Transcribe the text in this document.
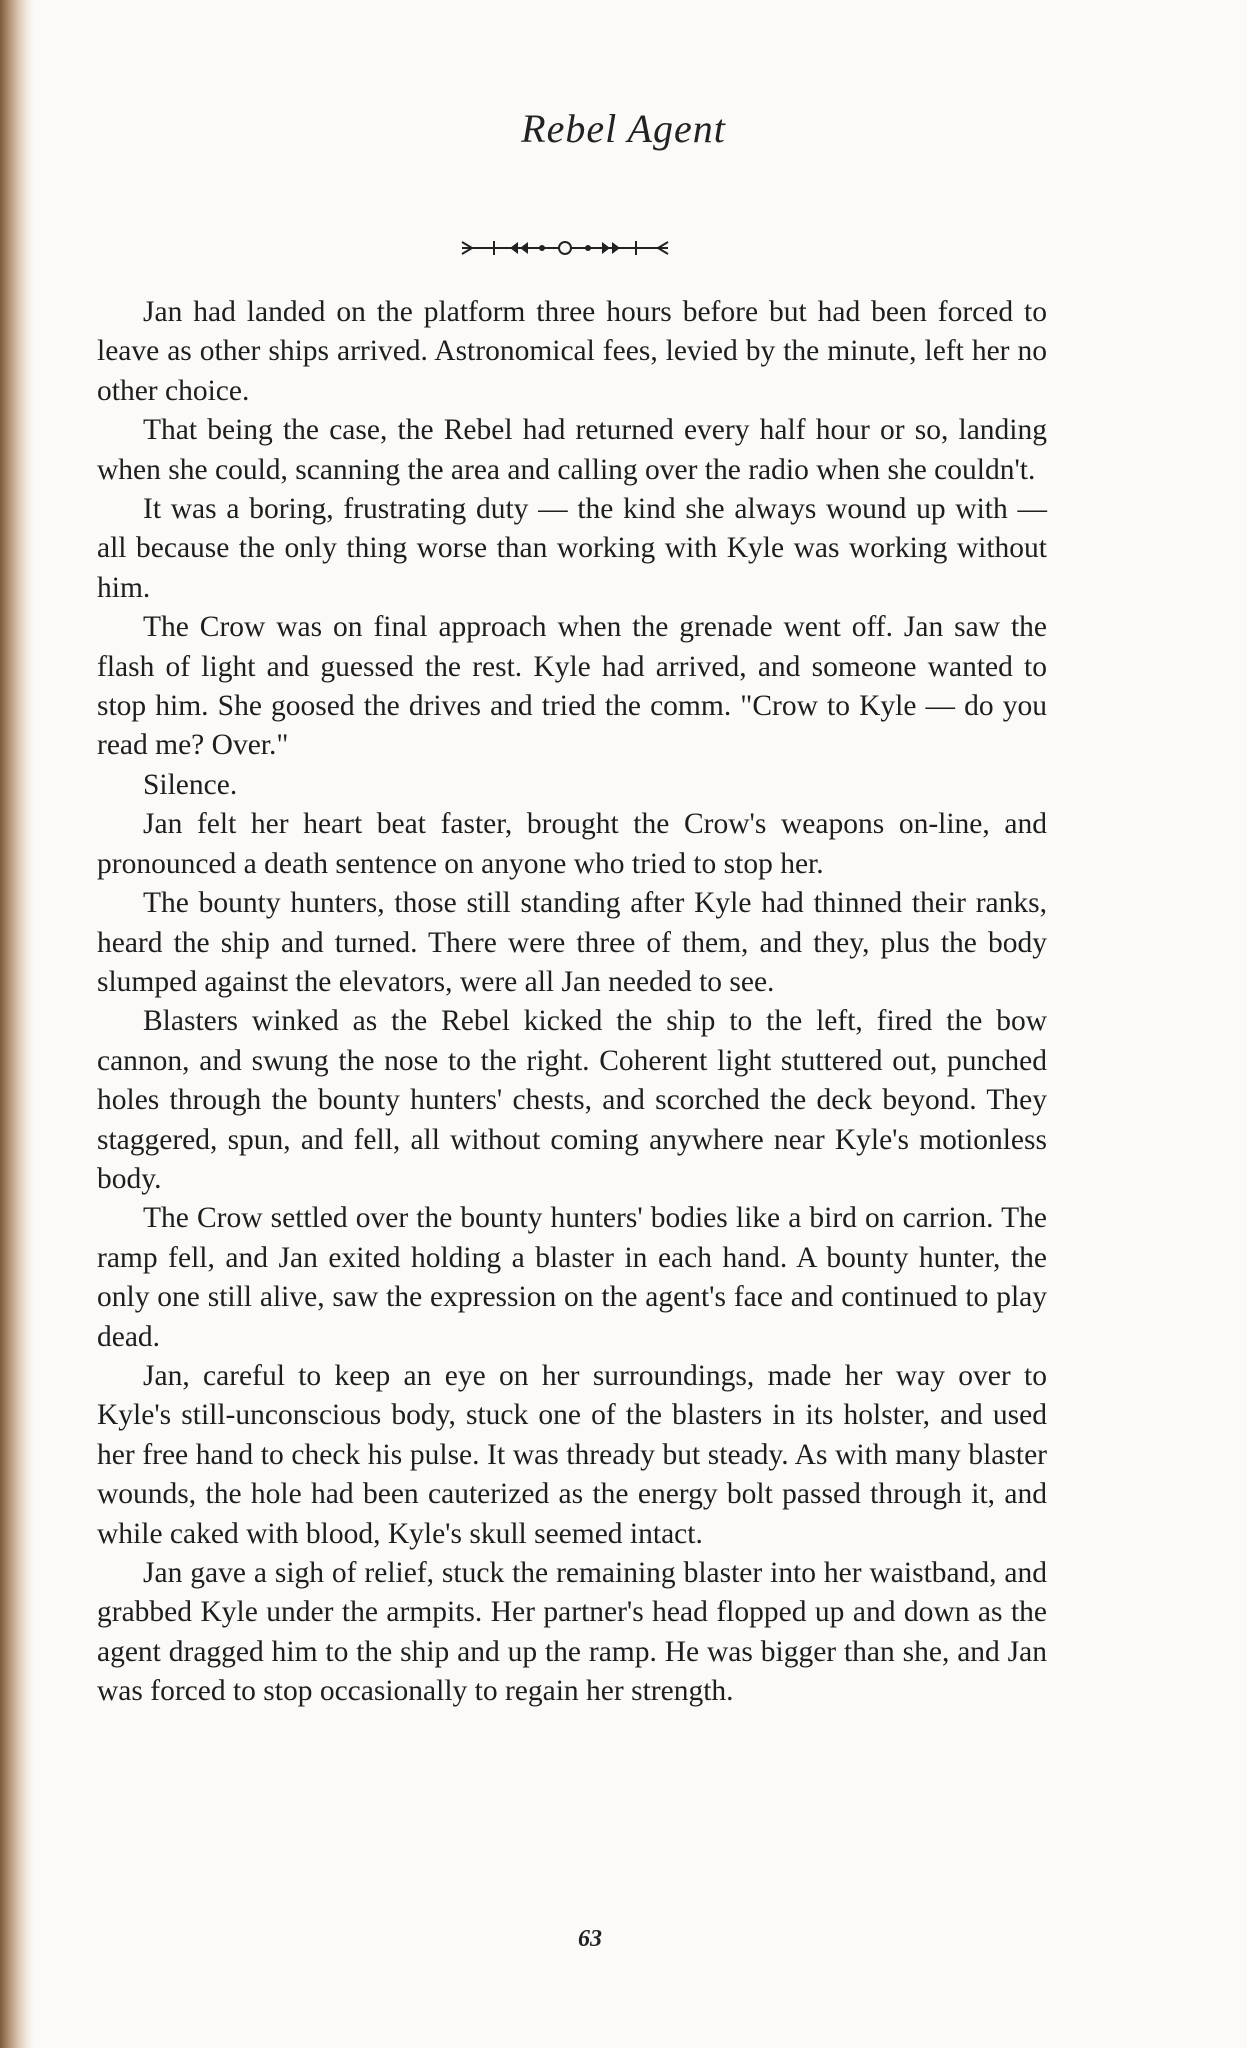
Rebel Agent

Jan had landed on the platform three hours before but had been forced to leave as other ships arrived. Astronomical fees, levied by the minute, left her no other choice.

That being the case, the Rebel had returned every half hour or so, landing when she could, scanning the area and calling over the radio when she couldn't.

It was a boring, frustrating duty — the kind she always wound up with — all because the only thing worse than working with Kyle was working without him.

The Crow was on final approach when the grenade went off. Jan saw the flash of light and guessed the rest. Kyle had arrived, and someone wanted to stop him. She goosed the drives and tried the comm. "Crow to Kyle — do you read me? Over."

Silence.

Jan felt her heart beat faster, brought the Crow's weapons on-line, and pronounced a death sentence on anyone who tried to stop her.

The bounty hunters, those still standing after Kyle had thinned their ranks, heard the ship and turned. There were three of them, and they, plus the body slumped against the elevators, were all Jan needed to see.

Blasters winked as the Rebel kicked the ship to the left, fired the bow cannon, and swung the nose to the right. Coherent light stuttered out, punched holes through the bounty hunters' chests, and scorched the deck beyond. They staggered, spun, and fell, all without coming anywhere near Kyle's motionless body.

The Crow settled over the bounty hunters' bodies like a bird on carrion. The ramp fell, and Jan exited holding a blaster in each hand. A bounty hunter, the only one still alive, saw the expression on the agent's face and continued to play dead.

Jan, careful to keep an eye on her surroundings, made her way over to Kyle's still-unconscious body, stuck one of the blasters in its holster, and used her free hand to check his pulse. It was thready but steady. As with many blaster wounds, the hole had been cauterized as the energy bolt passed through it, and while caked with blood, Kyle's skull seemed intact.

Jan gave a sigh of relief, stuck the remaining blaster into her waistband, and grabbed Kyle under the armpits. Her partner's head flopped up and down as the agent dragged him to the ship and up the ramp. He was bigger than she, and Jan was forced to stop occasionally to regain her strength.

63
